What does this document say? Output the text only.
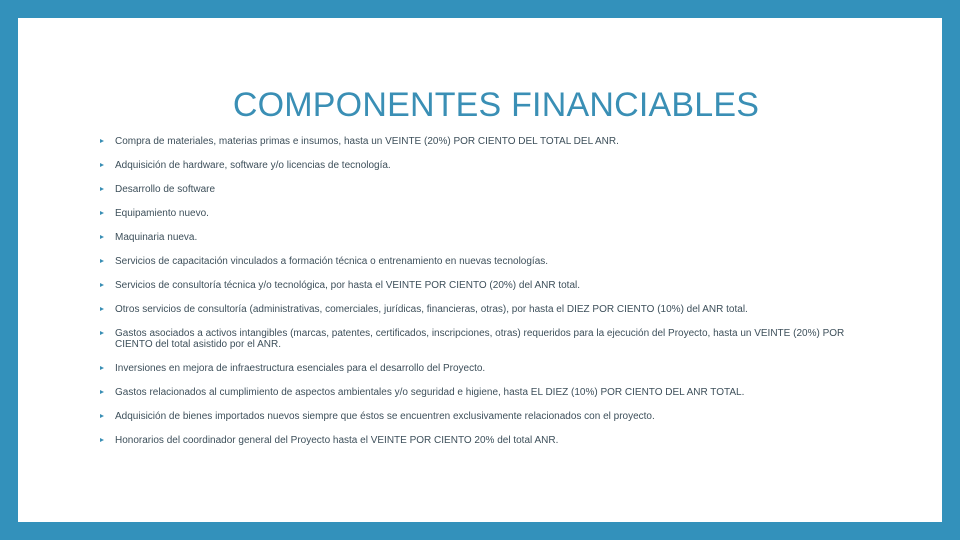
COMPONENTES FINANCIABLES
Compra de materiales, materias primas e insumos, hasta un VEINTE (20%) POR CIENTO DEL TOTAL DEL ANR.
Adquisición de hardware, software y/o licencias de tecnología.
Desarrollo de software
Equipamiento nuevo.
Maquinaria nueva.
Servicios de capacitación vinculados a formación técnica o entrenamiento en nuevas tecnologías.
Servicios de consultoría técnica y/o tecnológica, por hasta el VEINTE POR CIENTO (20%) del ANR total.
Otros servicios de consultoría (administrativas, comerciales, jurídicas, financieras, otras), por hasta el DIEZ POR CIENTO (10%) del ANR total.
Gastos asociados a activos intangibles (marcas, patentes, certificados, inscripciones, otras) requeridos para la ejecución del Proyecto, hasta un VEINTE (20%) POR CIENTO del total asistido por el ANR.
Inversiones en mejora de infraestructura esenciales para el desarrollo del Proyecto.
Gastos relacionados al cumplimiento de aspectos ambientales y/o seguridad e higiene, hasta EL DIEZ (10%) POR CIENTO DEL ANR TOTAL.
Adquisición de bienes importados nuevos siempre que éstos se encuentren exclusivamente relacionados con el proyecto.
Honorarios del coordinador general del Proyecto hasta el VEINTE POR CIENTO 20% del total ANR.
